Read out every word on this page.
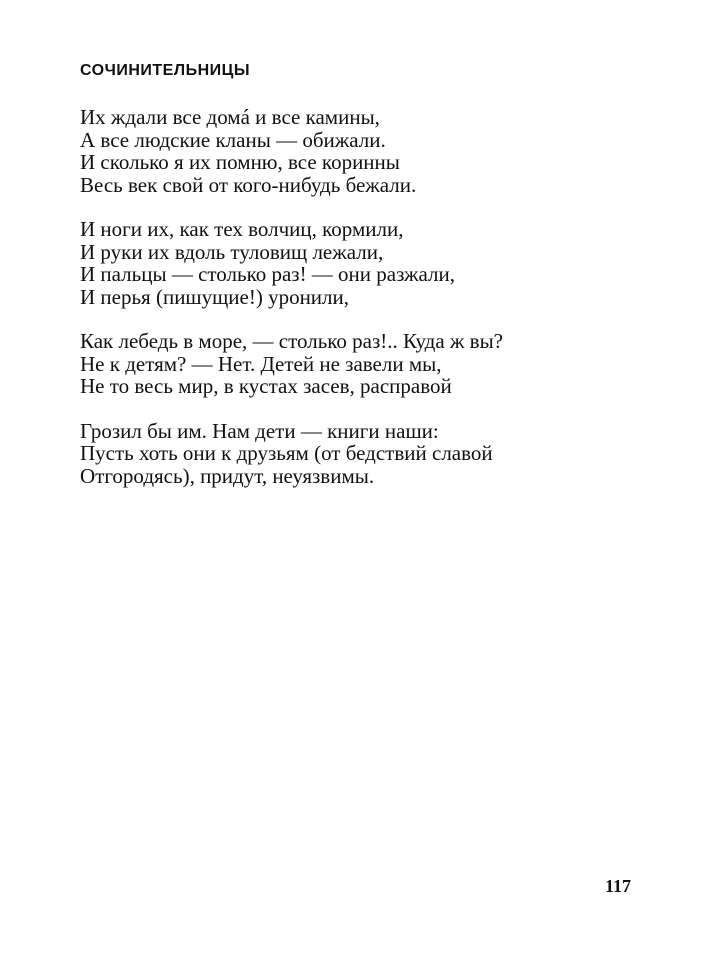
СОЧИНИТЕЛЬНИЦЫ
Их ждали все домá и все камины,
А все людские кланы — обижали.
И сколько я их помню, все коринны
Весь век свой от кого-нибудь бежали.
И ноги их, как тех волчиц, кормили,
И руки их вдоль туловищ лежали,
И пальцы — столько раз! — они разжали,
И перья (пишущие!) уронили,
Как лебедь в море, — столько раз!.. Куда ж вы?
Не к детям? — Нет. Детей не завели мы,
Не то весь мир, в кустах засев, расправой
Грозил бы им. Нам дети — книги наши:
Пусть хоть они к друзьям (от бедствий славой
Отгородясь), придут, неуязвимы.
117
